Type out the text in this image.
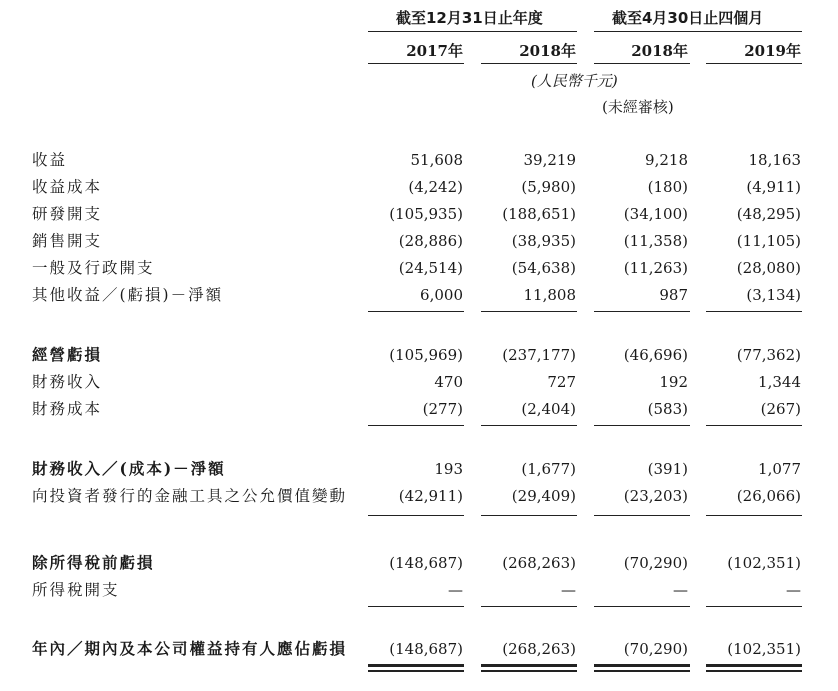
截至12月31日止年度	截至4月30日止四個月
2017年	2018年	2018年	2019年
(人民幣千元)
(未經審核)
收益	51,608	39,219	9,218	18,163
收益成本	(4,242)	(5,980)	(180)	(4,911)
研發開支	(105,935)	(188,651)	(34,100)	(48,295)
銷售開支	(28,886)	(38,935)	(11,358)	(11,105)
一般及行政開支	(24,514)	(54,638)	(11,263)	(28,080)
其他收益／(虧損)－淨額	6,000	11,808	987	(3,134)
經營虧損	(105,969)	(237,177)	(46,696)	(77,362)
財務收入	470	727	192	1,344
財務成本	(277)	(2,404)	(583)	(267)
財務收入／(成本)－淨額	193	(1,677)	(391)	1,077
向投資者發行的金融工具之公允價值變動	(42,911)	(29,409)	(23,203)	(26,066)
除所得稅前虧損	(148,687)	(268,263)	(70,290)	(102,351)
所得稅開支	—	—	—	—
年內／期內及本公司權益持有人應佔虧損	(148,687)	(268,263)	(70,290)	(102,351)
